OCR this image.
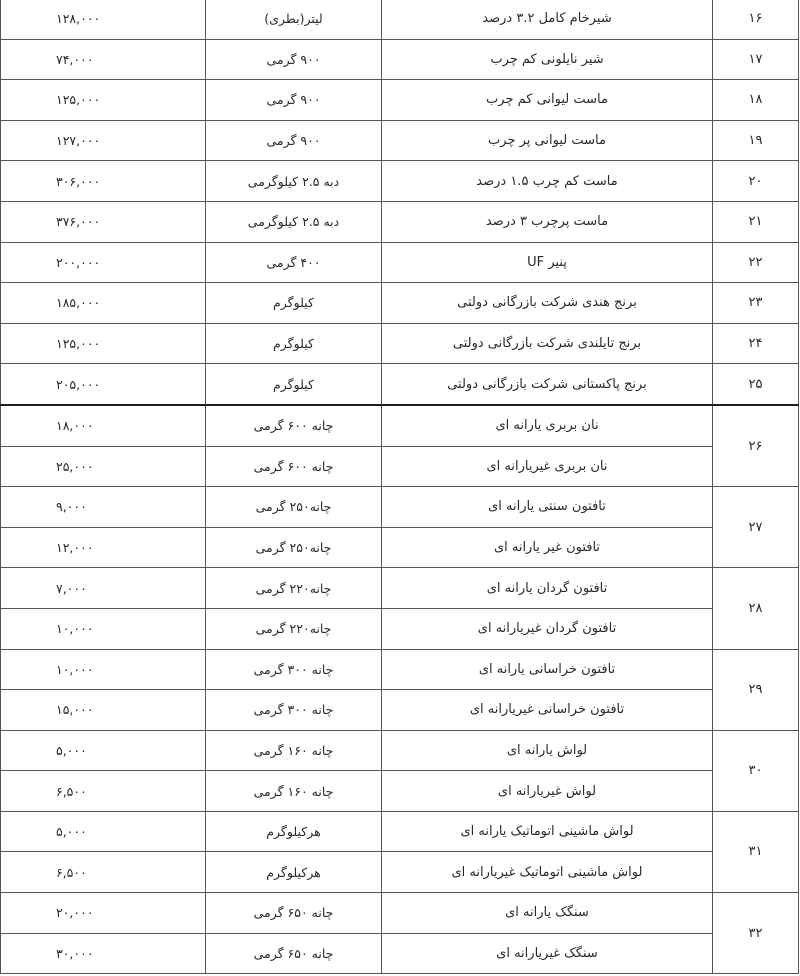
۱۶	شیرخام کامل ۳.۲ درصد	لیتر(بطری)	۱۲۸,۰۰۰
۱۷	شیر نایلونی کم چرب	۹۰۰ گرمی	۷۴,۰۰۰
۱۸	ماست لیوانی کم چرب	۹۰۰ گرمی	۱۲۵,۰۰۰
۱۹	ماست لیوانی پر چرب	۹۰۰ گرمی	۱۲۷,۰۰۰
۲۰	ماست کم چرب ۱.۵ درصد	دبه ۲.۵ کیلوگرمی	۳۰۶,۰۰۰
۲۱	ماست پرچرب ۳ درصد	دبه ۲.۵ کیلوگرمی	۳۷۶,۰۰۰
۲۲	پنیر UF	۴۰۰ گرمی	۲۰۰,۰۰۰
۲۳	برنج هندی شرکت بازرگانی دولتی	کیلوگرم	۱۸۵,۰۰۰
۲۴	برنج تایلندی شرکت بازرگانی دولتی	کیلوگرم	۱۲۵,۰۰۰
۲۵	برنج پاکستانی شرکت بازرگانی دولتی	کیلوگرم	۲۰۵,۰۰۰
۲۶	نان بربری یارانه ای	چانه ۶۰۰ گرمی	۱۸,۰۰۰
	نان بربری غیریارانه ای	چانه ۶۰۰ گرمی	۲۵,۰۰۰
۲۷	تافتون سنتی یارانه ای	چانه۲۵۰ گرمی	۹,۰۰۰
	تافتون غیر یارانه ای	چانه۲۵۰ گرمی	۱۲,۰۰۰
۲۸	تافتون گردان یارانه ای	چانه۲۲۰ گرمی	۷,۰۰۰
	تافتون گردان غیریارانه ای	چانه۲۲۰ گرمی	۱۰,۰۰۰
۲۹	تافتون خراسانی یارانه ای	چانه ۳۰۰ گرمی	۱۰,۰۰۰
	تافتون خراسانی غیریارانه ای	چانه ۳۰۰ گرمی	۱۵,۰۰۰
۳۰	لواش یارانه ای	چانه ۱۶۰ گرمی	۵,۰۰۰
	لواش غیریارانه ای	چانه ۱۶۰ گرمی	۶,۵۰۰
۳۱	لواش ماشینی اتوماتیک یارانه ای	هرکیلوگرم	۵,۰۰۰
	لواش ماشینی اتوماتیک غیریارانه ای	هرکیلوگرم	۶,۵۰۰
۳۲	سنگک یارانه ای	چانه ۶۵۰ گرمی	۲۰,۰۰۰
	سنگک غیریارانه ای	چانه ۶۵۰ گرمی	۳۰,۰۰۰
